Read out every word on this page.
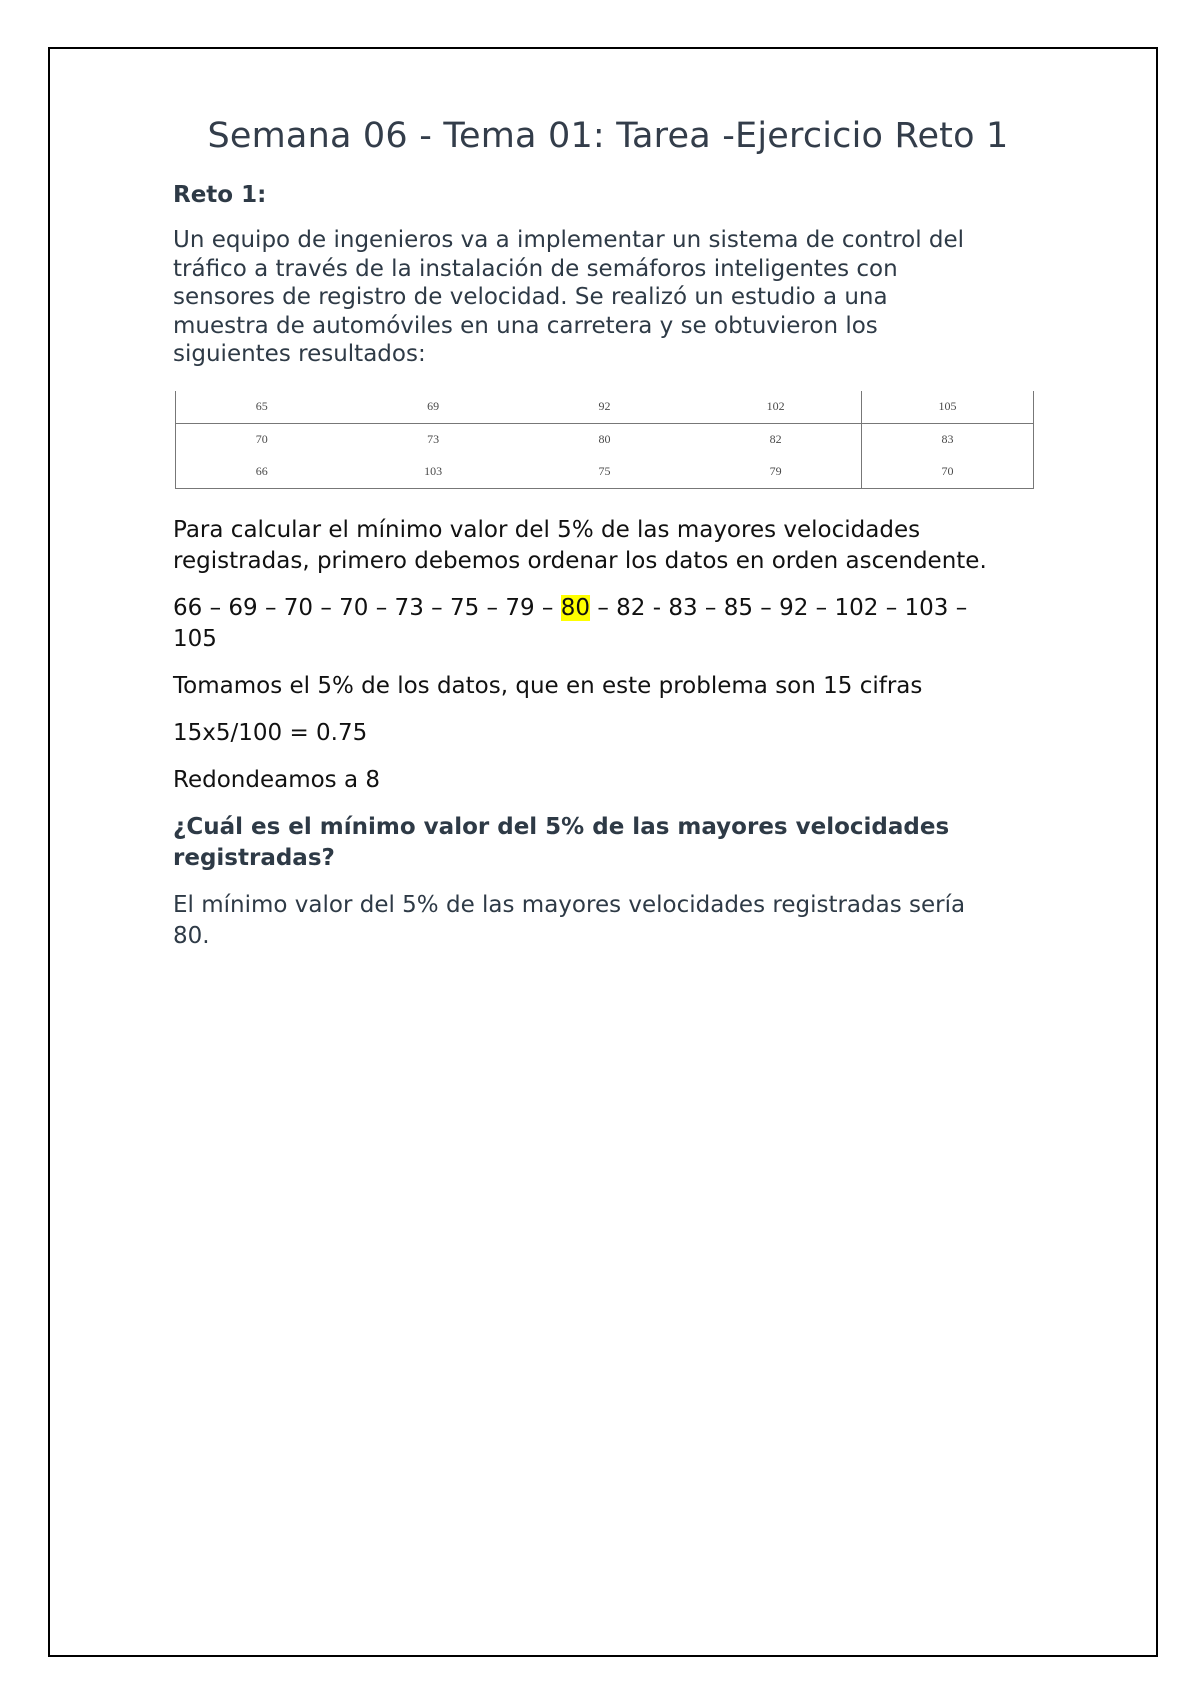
Semana 06 - Tema 01: Tarea -Ejercicio Reto 1

Reto 1:

Un equipo de ingenieros va a implementar un sistema de control del

tráfico a través de la instalación de semáforos inteligentes con

sensores de registro de velocidad. Se realizó un estudio a una

muestra de automóviles en una carretera y se obtuvieron los

siguientes resultados:

65	69	92	102	105
70	73	80	82	83
66	103	75	79	70

Para calcular el mínimo valor del 5% de las mayores velocidades

registradas, primero debemos ordenar los datos en orden ascendente.

66 – 69 – 70 – 70 – 73 – 75 – 79 – 80 – 82 - 83 – 85 – 92 – 102 – 103 –

105

Tomamos el 5% de los datos, que en este problema son 15 cifras

15x5/100 = 0.75

Redondeamos a 8

¿Cuál es el mínimo valor del 5% de las mayores velocidades
registradas?
El mínimo valor del 5% de las mayores velocidades registradas sería
80.
